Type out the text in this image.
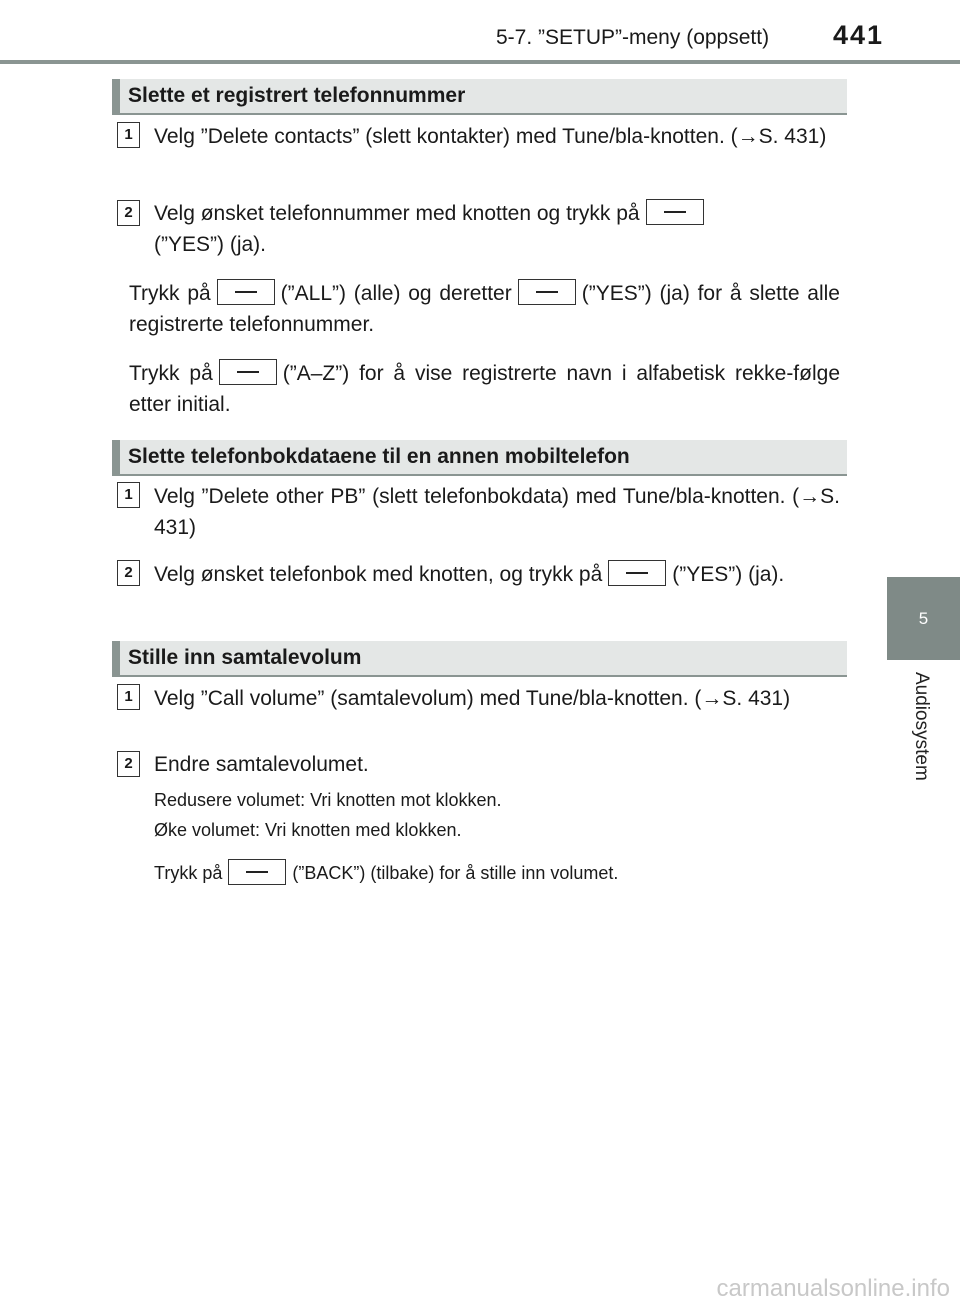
5-7. ”SETUP”-meny (oppsett) 441
5
Audiosystem
Slette et registrert telefonnummer
1	Velg ”Delete contacts” (slett kontakter) med Tune/bla-knotten. (→S. 431)
2	Velg ønsket telefonnummer med knotten og trykk på
(”YES”) (ja).
Trykk på	(”ALL”) (alle) og deretter	(”YES”) (ja) for å slette alle registrerte telefonnummer.
Trykk på	(”A–Z”) for å vise registrerte navn i alfabetisk rekke-følge etter initial.
Slette telefonbokdataene til en annen mobiltelefon
1	Velg ”Delete other PB” (slett telefonbokdata) med Tune/bla-knotten. (→S. 431)
2	Velg ønsket telefonbok med knotten, og trykk på	(”YES”) (ja).
Stille inn samtalevolum
1	Velg ”Call volume” (samtalevolum) med Tune/bla-knotten. (→S. 431)
2	Endre samtalevolumet.
Redusere volumet: Vri knotten mot klokken.
Øke volumet: Vri knotten med klokken.
Trykk på	(”BACK”) (tilbake) for å stille inn volumet.
carmanualsonline.info
